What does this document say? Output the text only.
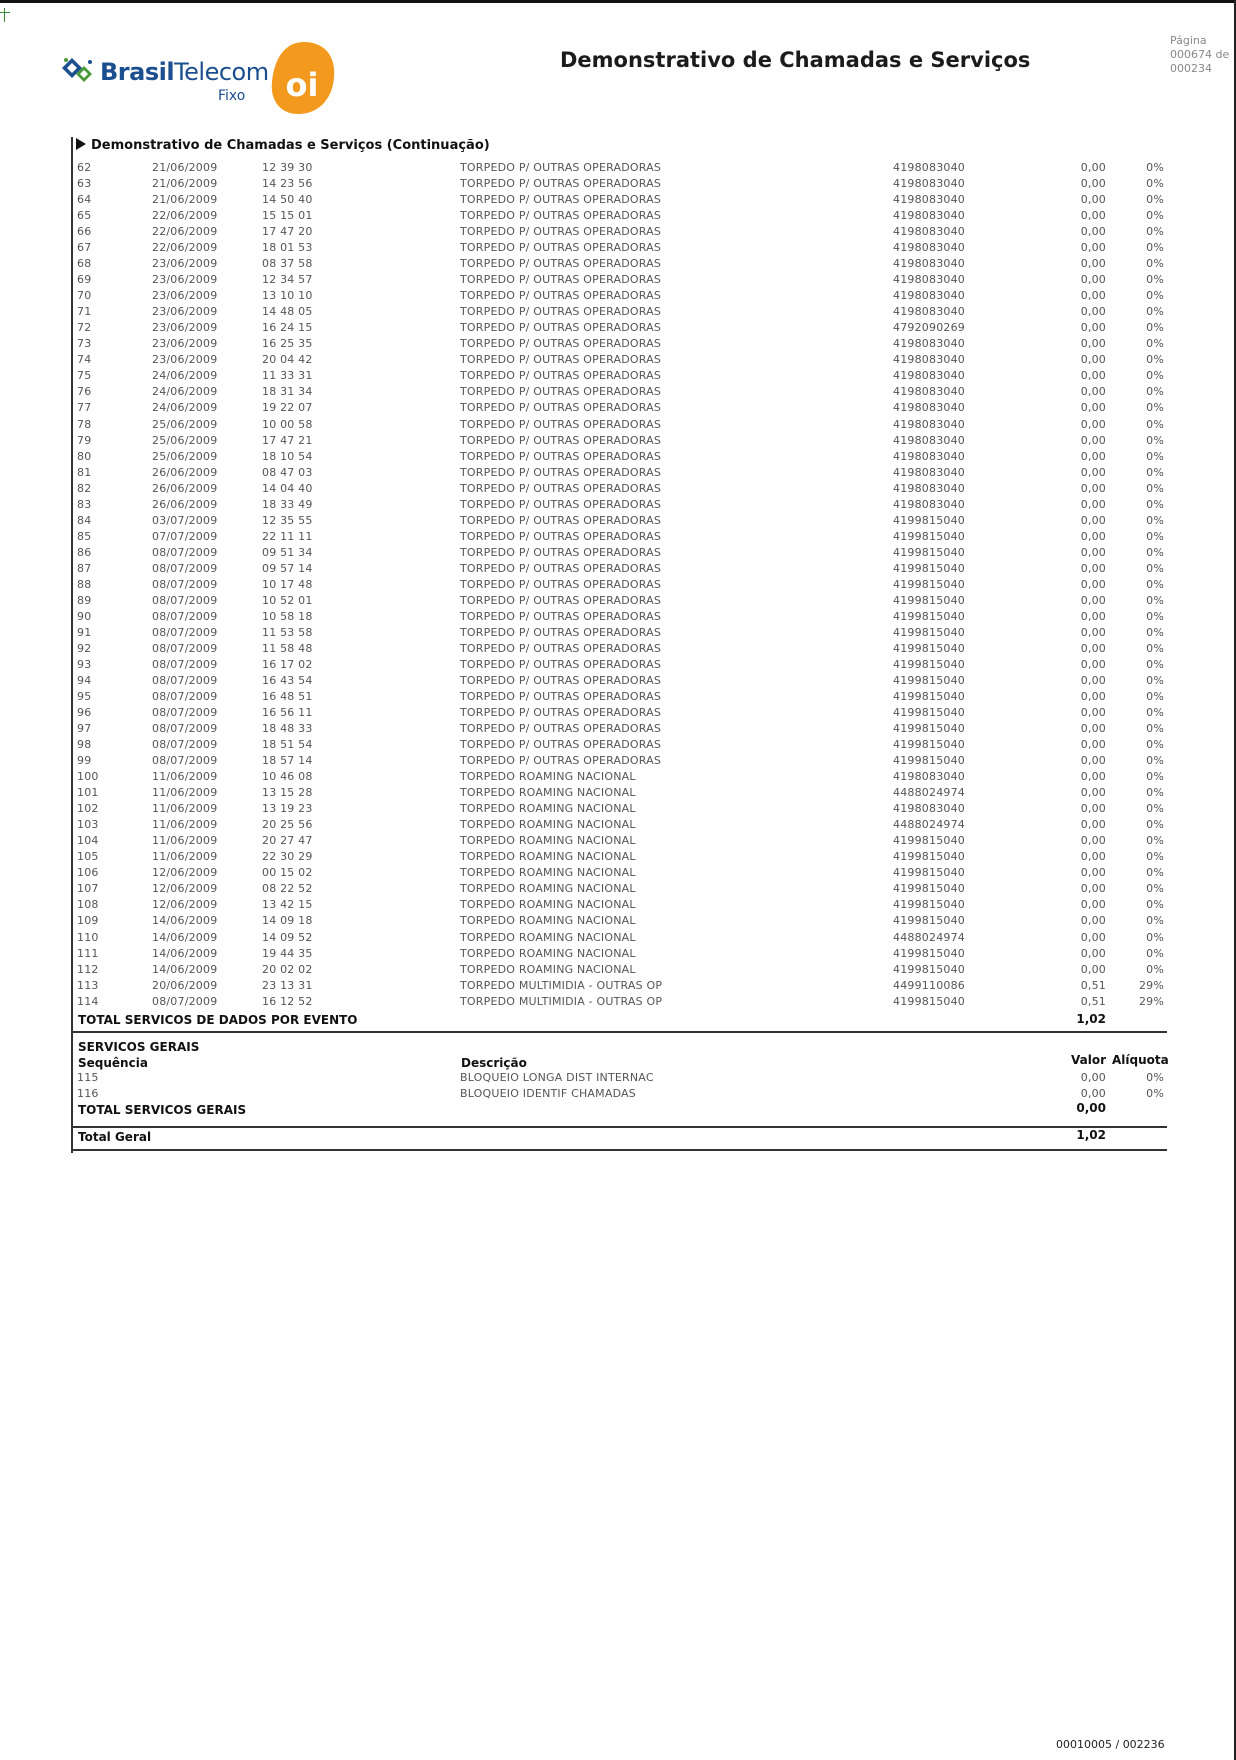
BrasilTelecom
Fixo oi
Demonstrativo de Chamadas e Serviços
Página
000674 de
000234
Demonstrativo de Chamadas e Serviços (Continuação)
62	21/06/2009	12 39 30	TORPEDO P/ OUTRAS OPERADORAS	4198083040	0,00	0%
63	21/06/2009	14 23 56	TORPEDO P/ OUTRAS OPERADORAS	4198083040	0,00	0%
64	21/06/2009	14 50 40	TORPEDO P/ OUTRAS OPERADORAS	4198083040	0,00	0%
65	22/06/2009	15 15 01	TORPEDO P/ OUTRAS OPERADORAS	4198083040	0,00	0%
66	22/06/2009	17 47 20	TORPEDO P/ OUTRAS OPERADORAS	4198083040	0,00	0%
67	22/06/2009	18 01 53	TORPEDO P/ OUTRAS OPERADORAS	4198083040	0,00	0%
68	23/06/2009	08 37 58	TORPEDO P/ OUTRAS OPERADORAS	4198083040	0,00	0%
69	23/06/2009	12 34 57	TORPEDO P/ OUTRAS OPERADORAS	4198083040	0,00	0%
70	23/06/2009	13 10 10	TORPEDO P/ OUTRAS OPERADORAS	4198083040	0,00	0%
71	23/06/2009	14 48 05	TORPEDO P/ OUTRAS OPERADORAS	4198083040	0,00	0%
72	23/06/2009	16 24 15	TORPEDO P/ OUTRAS OPERADORAS	4792090269	0,00	0%
73	23/06/2009	16 25 35	TORPEDO P/ OUTRAS OPERADORAS	4198083040	0,00	0%
74	23/06/2009	20 04 42	TORPEDO P/ OUTRAS OPERADORAS	4198083040	0,00	0%
75	24/06/2009	11 33 31	TORPEDO P/ OUTRAS OPERADORAS	4198083040	0,00	0%
76	24/06/2009	18 31 34	TORPEDO P/ OUTRAS OPERADORAS	4198083040	0,00	0%
77	24/06/2009	19 22 07	TORPEDO P/ OUTRAS OPERADORAS	4198083040	0,00	0%
78	25/06/2009	10 00 58	TORPEDO P/ OUTRAS OPERADORAS	4198083040	0,00	0%
79	25/06/2009	17 47 21	TORPEDO P/ OUTRAS OPERADORAS	4198083040	0,00	0%
80	25/06/2009	18 10 54	TORPEDO P/ OUTRAS OPERADORAS	4198083040	0,00	0%
81	26/06/2009	08 47 03	TORPEDO P/ OUTRAS OPERADORAS	4198083040	0,00	0%
82	26/06/2009	14 04 40	TORPEDO P/ OUTRAS OPERADORAS	4198083040	0,00	0%
83	26/06/2009	18 33 49	TORPEDO P/ OUTRAS OPERADORAS	4198083040	0,00	0%
84	03/07/2009	12 35 55	TORPEDO P/ OUTRAS OPERADORAS	4199815040	0,00	0%
85	07/07/2009	22 11 11	TORPEDO P/ OUTRAS OPERADORAS	4199815040	0,00	0%
86	08/07/2009	09 51 34	TORPEDO P/ OUTRAS OPERADORAS	4199815040	0,00	0%
87	08/07/2009	09 57 14	TORPEDO P/ OUTRAS OPERADORAS	4199815040	0,00	0%
88	08/07/2009	10 17 48	TORPEDO P/ OUTRAS OPERADORAS	4199815040	0,00	0%
89	08/07/2009	10 52 01	TORPEDO P/ OUTRAS OPERADORAS	4199815040	0,00	0%
90	08/07/2009	10 58 18	TORPEDO P/ OUTRAS OPERADORAS	4199815040	0,00	0%
91	08/07/2009	11 53 58	TORPEDO P/ OUTRAS OPERADORAS	4199815040	0,00	0%
92	08/07/2009	11 58 48	TORPEDO P/ OUTRAS OPERADORAS	4199815040	0,00	0%
93	08/07/2009	16 17 02	TORPEDO P/ OUTRAS OPERADORAS	4199815040	0,00	0%
94	08/07/2009	16 43 54	TORPEDO P/ OUTRAS OPERADORAS	4199815040	0,00	0%
95	08/07/2009	16 48 51	TORPEDO P/ OUTRAS OPERADORAS	4199815040	0,00	0%
96	08/07/2009	16 56 11	TORPEDO P/ OUTRAS OPERADORAS	4199815040	0,00	0%
97	08/07/2009	18 48 33	TORPEDO P/ OUTRAS OPERADORAS	4199815040	0,00	0%
98	08/07/2009	18 51 54	TORPEDO P/ OUTRAS OPERADORAS	4199815040	0,00	0%
99	08/07/2009	18 57 14	TORPEDO P/ OUTRAS OPERADORAS	4199815040	0,00	0%
100	11/06/2009	10 46 08	TORPEDO ROAMING NACIONAL	4198083040	0,00	0%
101	11/06/2009	13 15 28	TORPEDO ROAMING NACIONAL	4488024974	0,00	0%
102	11/06/2009	13 19 23	TORPEDO ROAMING NACIONAL	4198083040	0,00	0%
103	11/06/2009	20 25 56	TORPEDO ROAMING NACIONAL	4488024974	0,00	0%
104	11/06/2009	20 27 47	TORPEDO ROAMING NACIONAL	4199815040	0,00	0%
105	11/06/2009	22 30 29	TORPEDO ROAMING NACIONAL	4199815040	0,00	0%
106	12/06/2009	00 15 02	TORPEDO ROAMING NACIONAL	4199815040	0,00	0%
107	12/06/2009	08 22 52	TORPEDO ROAMING NACIONAL	4199815040	0,00	0%
108	12/06/2009	13 42 15	TORPEDO ROAMING NACIONAL	4199815040	0,00	0%
109	14/06/2009	14 09 18	TORPEDO ROAMING NACIONAL	4199815040	0,00	0%
110	14/06/2009	14 09 52	TORPEDO ROAMING NACIONAL	4488024974	0,00	0%
111	14/06/2009	19 44 35	TORPEDO ROAMING NACIONAL	4199815040	0,00	0%
112	14/06/2009	20 02 02	TORPEDO ROAMING NACIONAL	4199815040	0,00	0%
113	20/06/2009	23 13 31	TORPEDO MULTIMIDIA - OUTRAS OP	4499110086	0,51	29%
114	08/07/2009	16 12 52	TORPEDO MULTIMIDIA - OUTRAS OP	4199815040	0,51	29%
TOTAL SERVICOS DE DADOS POR EVENTO	1,02
SERVICOS GERAIS
Sequência	Descrição	Valor Alíquota
115	BLOQUEIO LONGA DIST INTERNAC	0,00	0%
116	BLOQUEIO IDENTIF CHAMADAS	0,00	0%
TOTAL SERVICOS GERAIS	0,00
Total Geral	1,02
00010005 / 002236
